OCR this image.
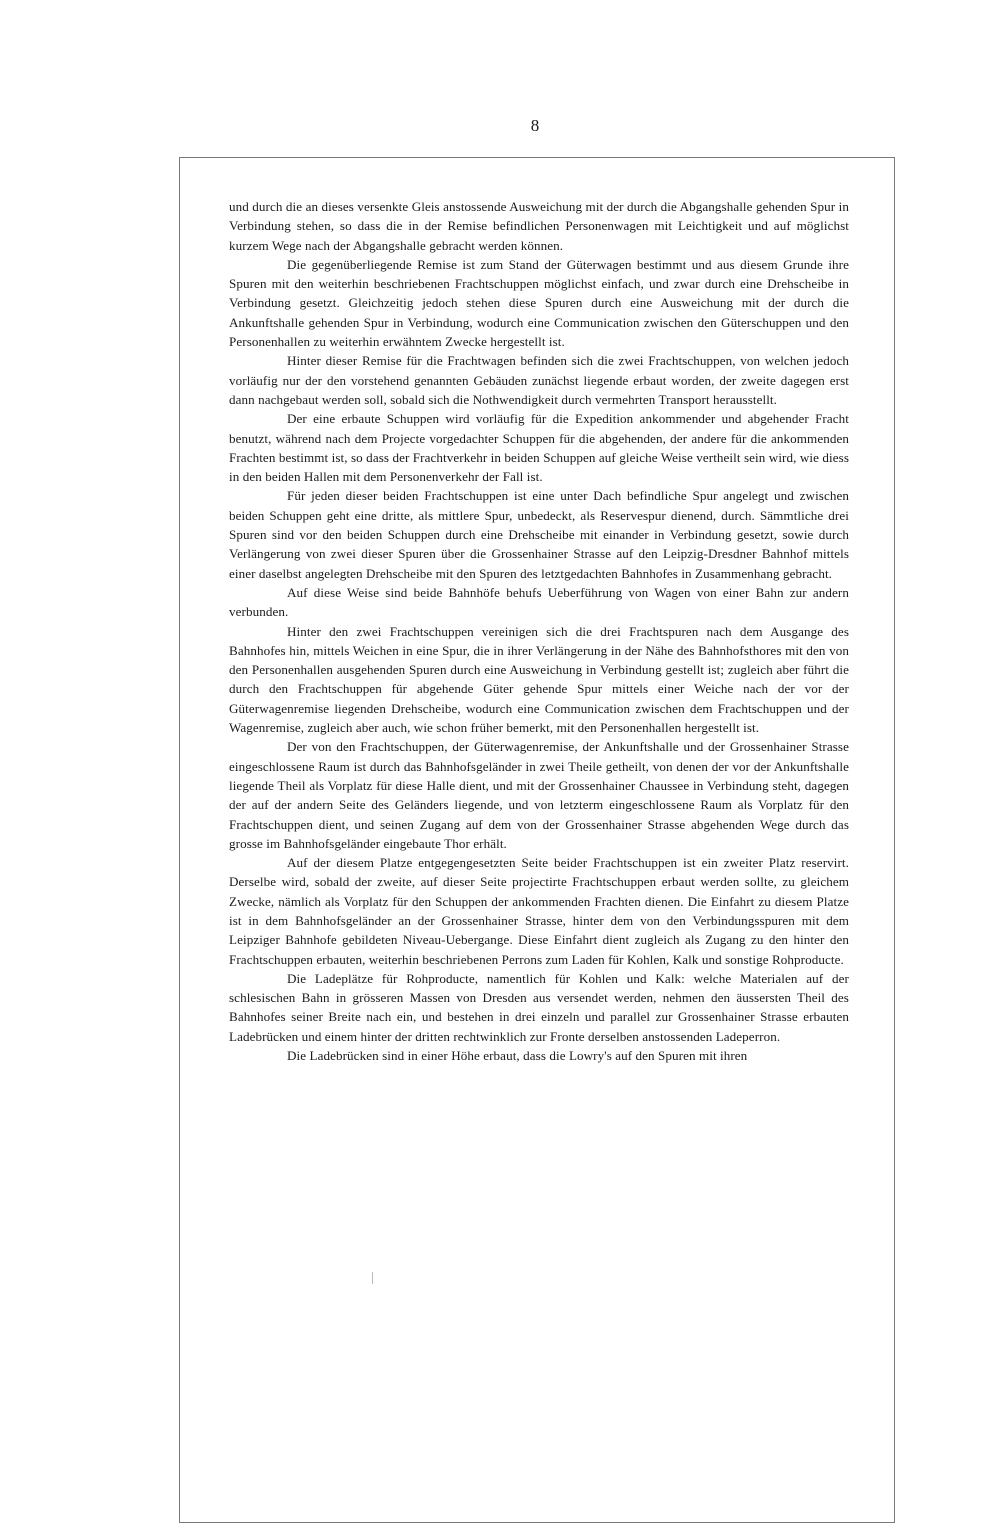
8

und durch die an dieses versenkte Gleis anstossende Ausweichung mit der durch die Abgangshalle gehenden Spur in Verbindung stehen, so dass die in der Remise befindlichen Personenwagen mit Leichtigkeit und auf möglichst kurzem Wege nach der Abgangshalle gebracht werden können.

Die gegenüberliegende Remise ist zum Stand der Güterwagen bestimmt und aus diesem Grunde ihre Spuren mit den weiterhin beschriebenen Frachtschuppen möglichst einfach, und zwar durch eine Drehscheibe in Verbindung gesetzt. Gleichzeitig jedoch stehen diese Spuren durch eine Ausweichung mit der durch die Ankunftshalle gehenden Spur in Verbindung, wodurch eine Communication zwischen den Güterschuppen und den Personenhallen zu weiterhin erwähntem Zwecke hergestellt ist.

Hinter dieser Remise für die Frachtwagen befinden sich die zwei Frachtschuppen, von welchen jedoch vorläufig nur der den vorstehend genannten Gebäuden zunächst liegende erbaut worden, der zweite dagegen erst dann nachgebaut werden soll, sobald sich die Nothwendigkeit durch vermehrten Transport herausstellt.

Der eine erbaute Schuppen wird vorläufig für die Expedition ankommender und abgehender Fracht benutzt, während nach dem Projecte vorgedachter Schuppen für die abgehenden, der andere für die ankommenden Frachten bestimmt ist, so dass der Frachtverkehr in beiden Schuppen auf gleiche Weise vertheilt sein wird, wie diess in den beiden Hallen mit dem Personenverkehr der Fall ist.

Für jeden dieser beiden Frachtschuppen ist eine unter Dach befindliche Spur angelegt und zwischen beiden Schuppen geht eine dritte, als mittlere Spur, unbedeckt, als Reservespur dienend, durch. Sämmtliche drei Spuren sind vor den beiden Schuppen durch eine Drehscheibe mit einander in Verbindung gesetzt, sowie durch Verlängerung von zwei dieser Spuren über die Grossenhainer Strasse auf den Leipzig-Dresdner Bahnhof mittels einer daselbst angelegten Drehscheibe mit den Spuren des letztgedachten Bahnhofes in Zusammenhang gebracht.

Auf diese Weise sind beide Bahnhöfe behufs Ueberführung von Wagen von einer Bahn zur andern verbunden.

Hinter den zwei Frachtschuppen vereinigen sich die drei Frachtspuren nach dem Ausgange des Bahnhofes hin, mittels Weichen in eine Spur, die in ihrer Verlängerung in der Nähe des Bahnhofsthores mit den von den Personenhallen ausgehenden Spuren durch eine Ausweichung in Verbindung gestellt ist; zugleich aber führt die durch den Frachtschuppen für abgehende Güter gehende Spur mittels einer Weiche nach der vor der Güterwagenremise liegenden Drehscheibe, wodurch eine Communication zwischen dem Frachtschuppen und der Wagenremise, zugleich aber auch, wie schon früher bemerkt, mit den Personenhallen hergestellt ist.

Der von den Frachtschuppen, der Güterwagenremise, der Ankunftshalle und der Grossenhainer Strasse eingeschlossene Raum ist durch das Bahnhofsgeländer in zwei Theile getheilt, von denen der vor der Ankunftshalle liegende Theil als Vorplatz für diese Halle dient, und mit der Grossenhainer Chaussee in Verbindung steht, dagegen der auf der andern Seite des Geländers liegende, und von letzterm eingeschlossene Raum als Vorplatz für den Frachtschuppen dient, und seinen Zugang auf dem von der Grossenhainer Strasse abgehenden Wege durch das grosse im Bahnhofsgeländer eingebaute Thor erhält.

Auf der diesem Platze entgegengesetzten Seite beider Frachtschuppen ist ein zweiter Platz reservirt. Derselbe wird, sobald der zweite, auf dieser Seite projectirte Frachtschuppen erbaut werden sollte, zu gleichem Zwecke, nämlich als Vorplatz für den Schuppen der ankommenden Frachten dienen. Die Einfahrt zu diesem Platze ist in dem Bahnhofsgeländer an der Grossenhainer Strasse, hinter dem von den Verbindungsspuren mit dem Leipziger Bahnhofe gebildeten Niveau-Uebergange. Diese Einfahrt dient zugleich als Zugang zu den hinter den Frachtschuppen erbauten, weiterhin beschriebenen Perrons zum Laden für Kohlen, Kalk und sonstige Rohproducte.

Die Ladeplätze für Rohproducte, namentlich für Kohlen und Kalk: welche Materialen auf der schlesischen Bahn in grösseren Massen von Dresden aus versendet werden, nehmen den äussersten Theil des Bahnhofes seiner Breite nach ein, und bestehen in drei einzeln und parallel zur Grossenhainer Strasse erbauten Ladebrücken und einem hinter der dritten rechtwinklich zur Fronte derselben anstossenden Ladeperron.

Die Ladebrücken sind in einer Höhe erbaut, dass die Lowry's auf den Spuren mit ihren
